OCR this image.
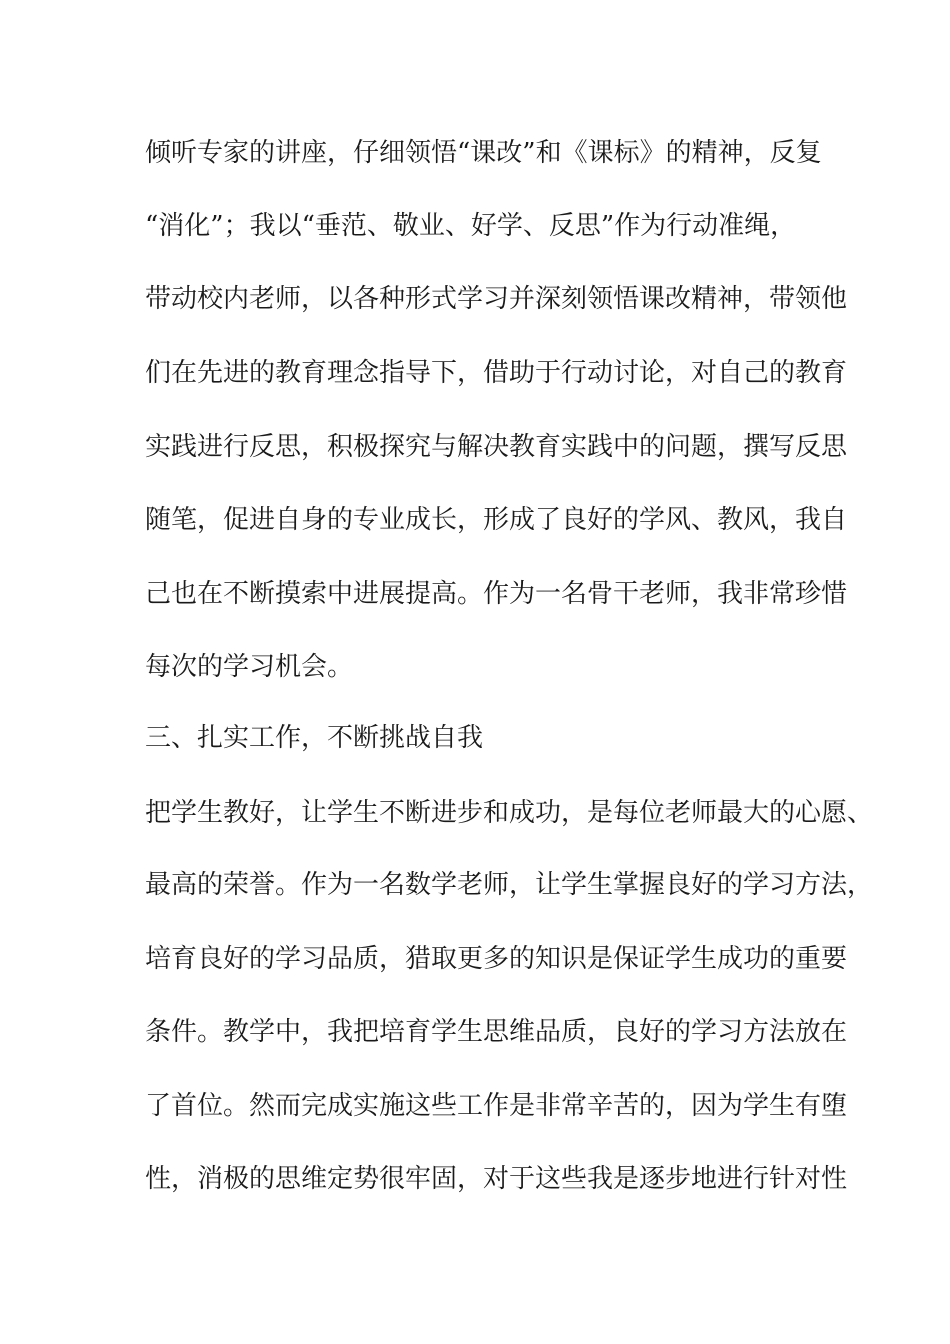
倾听专家的讲座，仔细领悟“课改”和《课标》的精神，反复

“消化”；我以“垂范、敬业、好学、反思”作为行动准绳，

带动校内老师，以各种形式学习并深刻领悟课改精神，带领他

们在先进的教育理念指导下，借助于行动讨论，对自己的教育

实践进行反思，积极探究与解决教育实践中的问题，撰写反思

随笔，促进自身的专业成长，形成了良好的学风、教风，我自

己也在不断摸索中进展提高。作为一名骨干老师，我非常珍惜

每次的学习机会。

三、扎实工作，不断挑战自我

把学生教好，让学生不断进步和成功，是每位老师最大的心愿、

最高的荣誉。作为一名数学老师，让学生掌握良好的学习方法，

培育良好的学习品质，猎取更多的知识是保证学生成功的重要

条件。教学中，我把培育学生思维品质，良好的学习方法放在

了首位。然而完成实施这些工作是非常辛苦的，因为学生有堕

性，消极的思维定势很牢固，对于这些我是逐步地进行针对性
